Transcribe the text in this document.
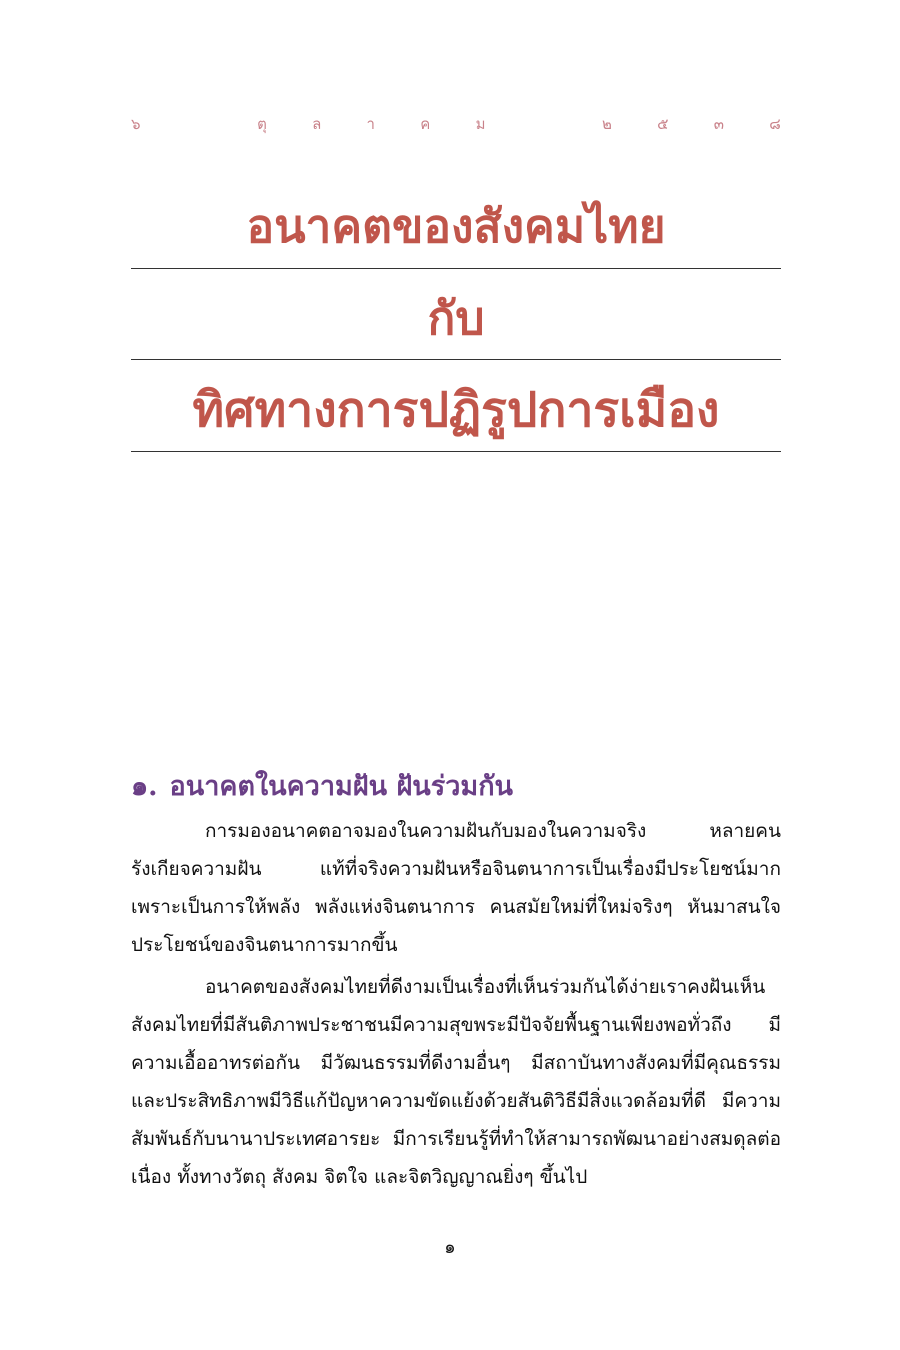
๖	ตุ	ล	า	ค	ม	๒	๕	๓	๘
อนาคตของสังคมไทย
กับ
ทิศทางการปฏิรูปการเมือง
๑. อนาคตในความฝัน ฝันร่วมกัน

การมองอนาคตอาจมองในความฝันกับมองในความจริง หลายคนรังเกียจความฝัน แท้ที่จริงความฝันหรือจินตนาการเป็นเรื่องมีประโยชน์มาก เพราะเป็นการให้พลัง พลังแห่งจินตนาการ คนสมัยใหม่ที่ใหม่จริงๆ หันมาสนใจประโยชน์ของจินตนาการมากขึ้น

อนาคตของสังคมไทยที่ดีงามเป็นเรื่องที่เห็นร่วมกันได้ง่ายเราคงฝันเห็นสังคมไทยที่มีสันติภาพประชาชนมีความสุขพระมีปัจจัยพื้นฐานเพียงพอทั่วถึง มีความเอื้ออาทรต่อกัน มีวัฒนธรรมที่ดีงามอื่นๆ มีสถาบันทางสังคมที่มีคุณธรรมและประสิทธิภาพมีวิธีแก้ปัญหาความขัดแย้งด้วยสันติวิธีมีสิ่งแวดล้อมที่ดี มีความสัมพันธ์กับนานาประเทศอารยะ มีการเรียนรู้ที่ทำให้สามารถพัฒนาอย่างสมดุลต่อเนื่อง ทั้งทางวัตถุ สังคม จิตใจ และจิตวิญญาณยิ่งๆ ขึ้นไป

๑
